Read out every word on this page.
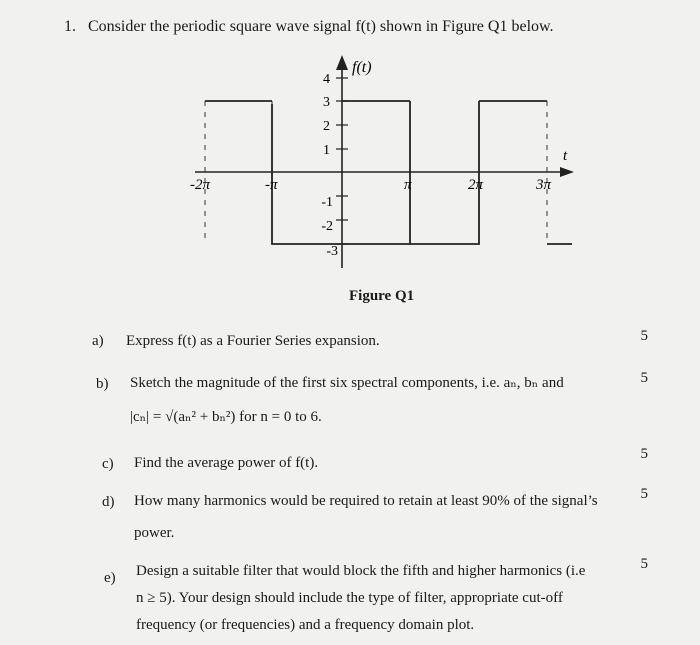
1. Consider the periodic square wave signal f(t) shown in Figure Q1 below.
4
3
2
1
-1
-2
-3
-2π	-π	π	2π	3π
f(t)
t
Figure Q1
a) Express f(t) as a Fourier Series expansion.	5
b) Sketch the magnitude of the first six spectral components, i.e. aₙ, bₙ and
|cₙ| = √(aₙ² + bₙ²) for n = 0 to 6.
5
c) Find the average power of f(t).
5
d) How many harmonics would be required to retain at least 90% of the signal’s
power.
5
e) Design a suitable filter that would block the fifth and higher harmonics (i.e
n ≥ 5). Your design should include the type of filter, appropriate cut-off
frequency (or frequencies) and a frequency domain plot.
5
